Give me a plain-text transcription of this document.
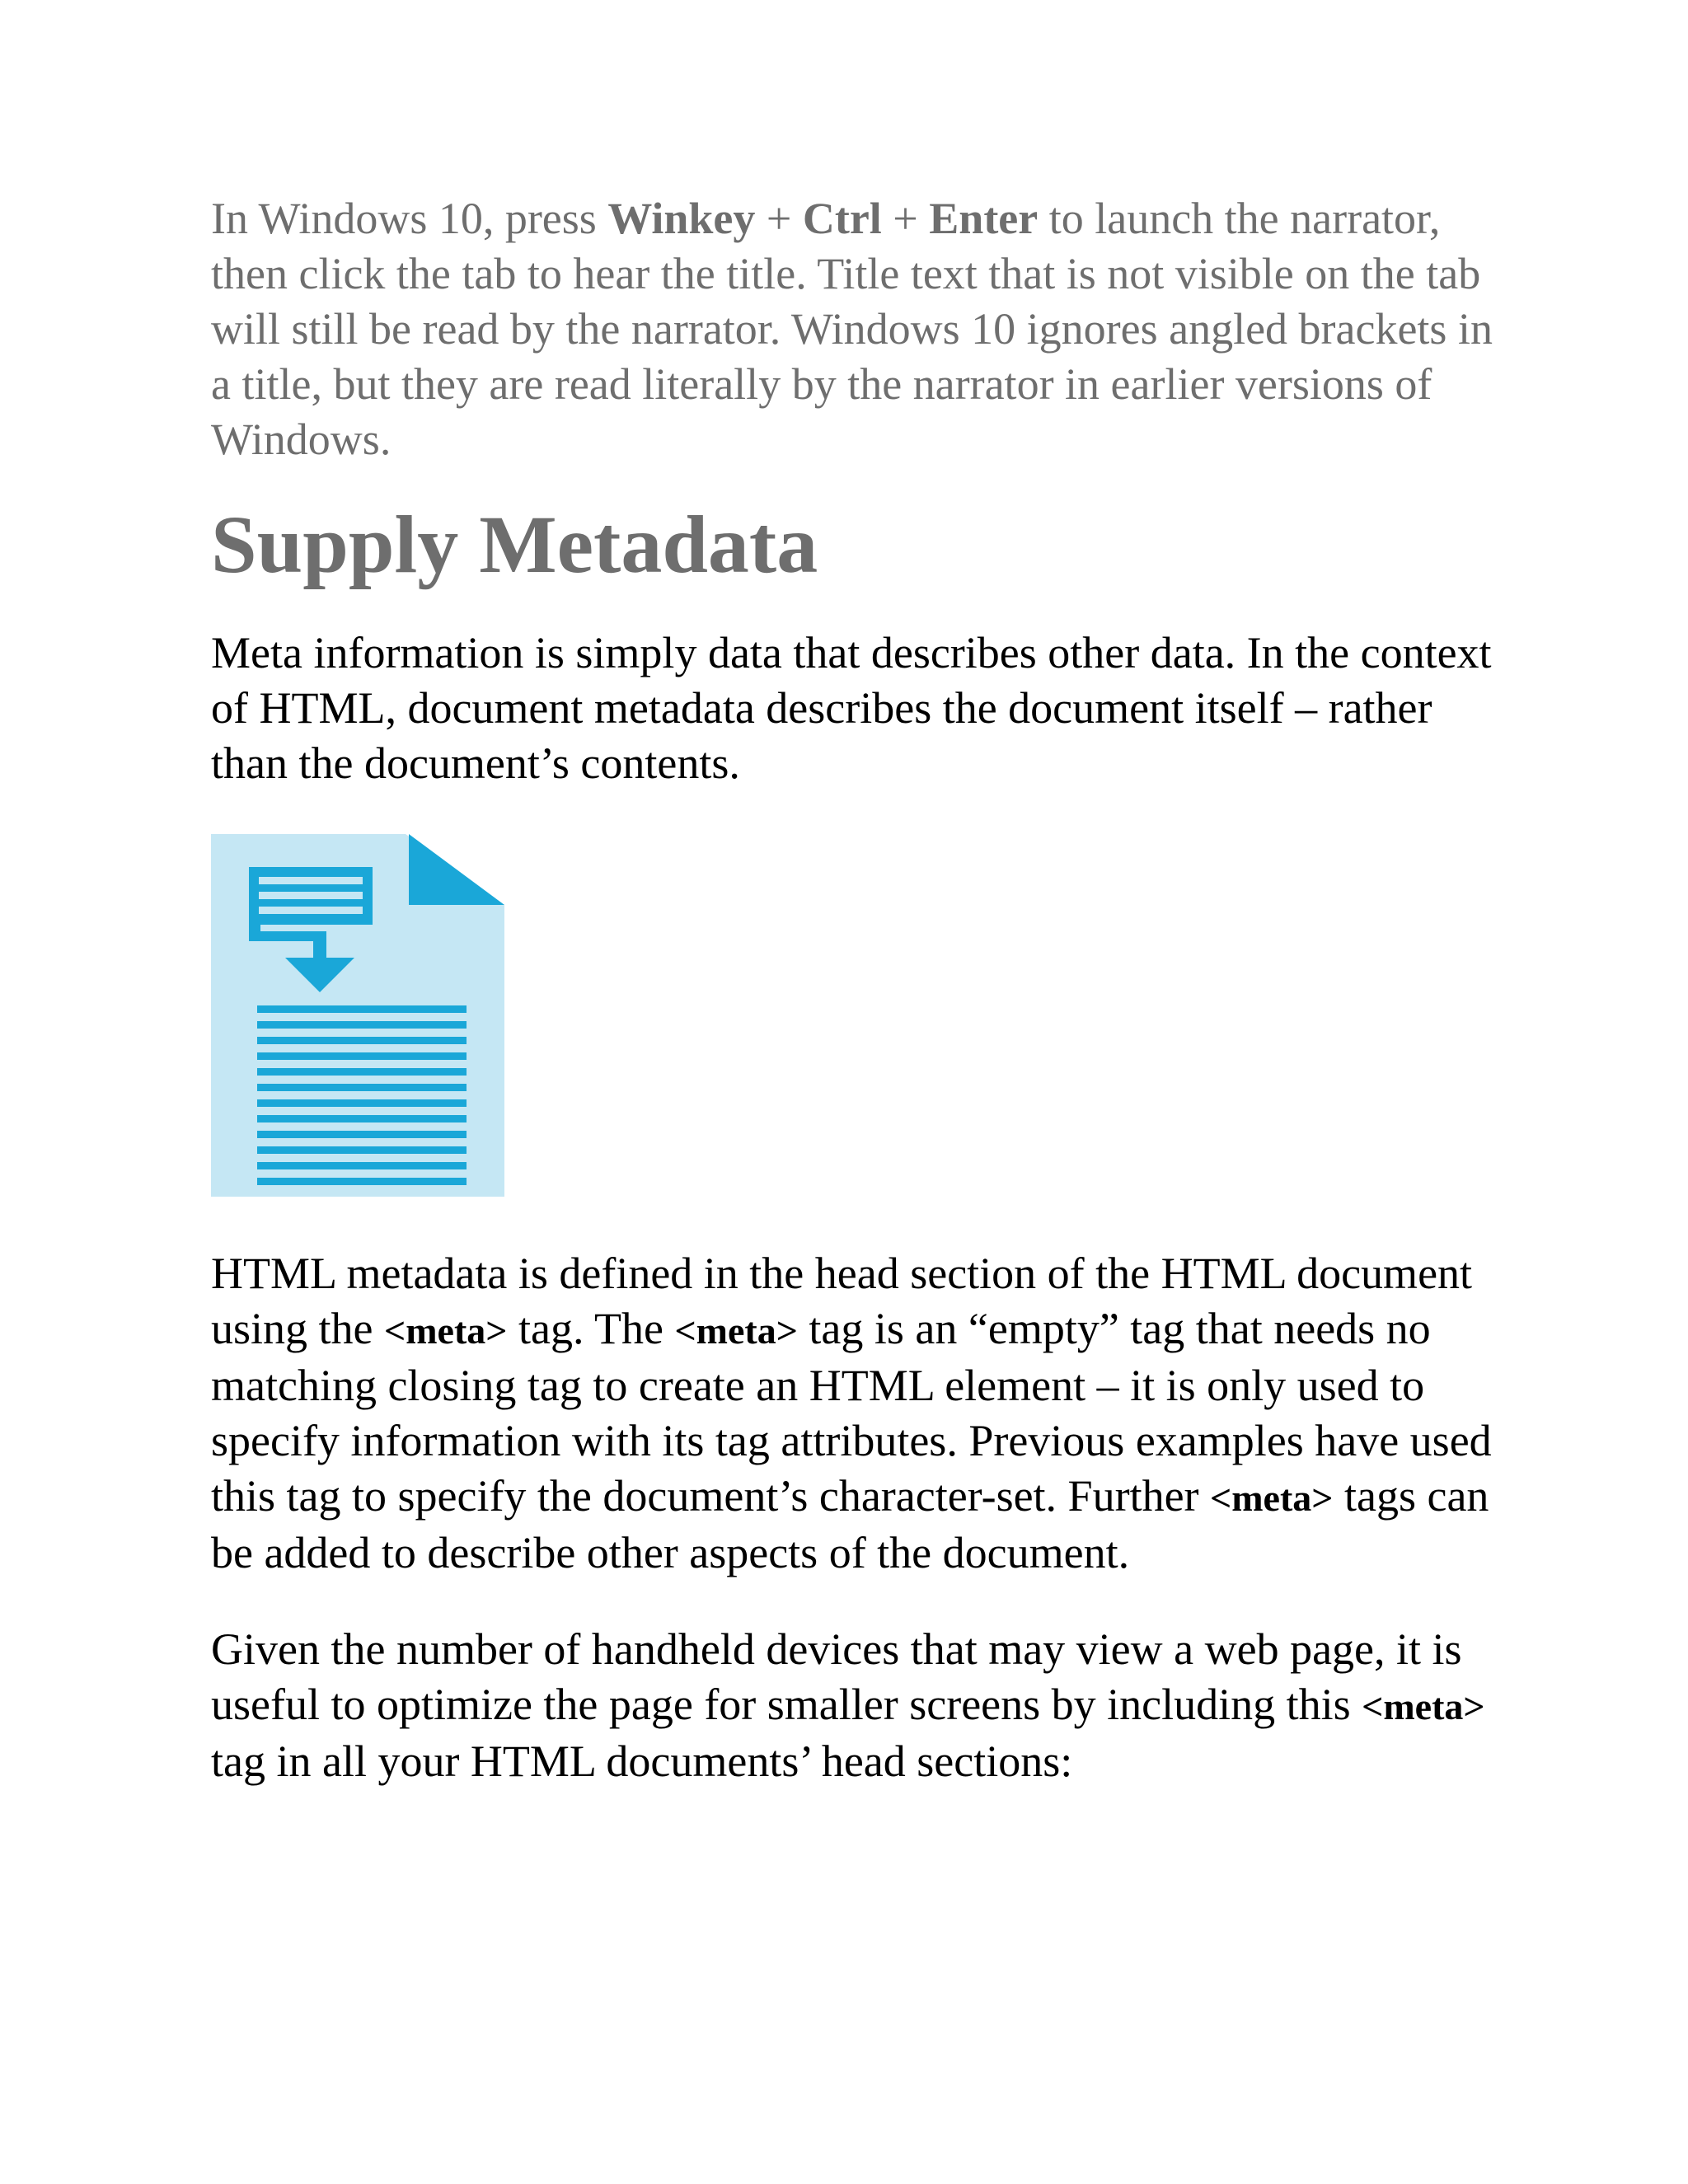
In Windows 10, press Winkey + Ctrl + Enter to launch the narrator, then click the tab to hear the title. Title text that is not visible on the tab will still be read by the narrator. Windows 10 ignores angled brackets in a title, but they are read literally by the narrator in earlier versions of Windows.

Supply Metadata

Meta information is simply data that describes other data. In the context of HTML, document metadata describes the document itself – rather than the document’s contents.

HTML metadata is defined in the head section of the HTML document using the <meta> tag. The <meta> tag is an “empty” tag that needs no matching closing tag to create an HTML element – it is only used to specify information with its tag attributes. Previous examples have used this tag to specify the document’s character-set. Further <meta> tags can be added to describe other aspects of the document.

Given the number of handheld devices that may view a web page, it is useful to optimize the page for smaller screens by including this <meta> tag in all your HTML documents’ head sections:
